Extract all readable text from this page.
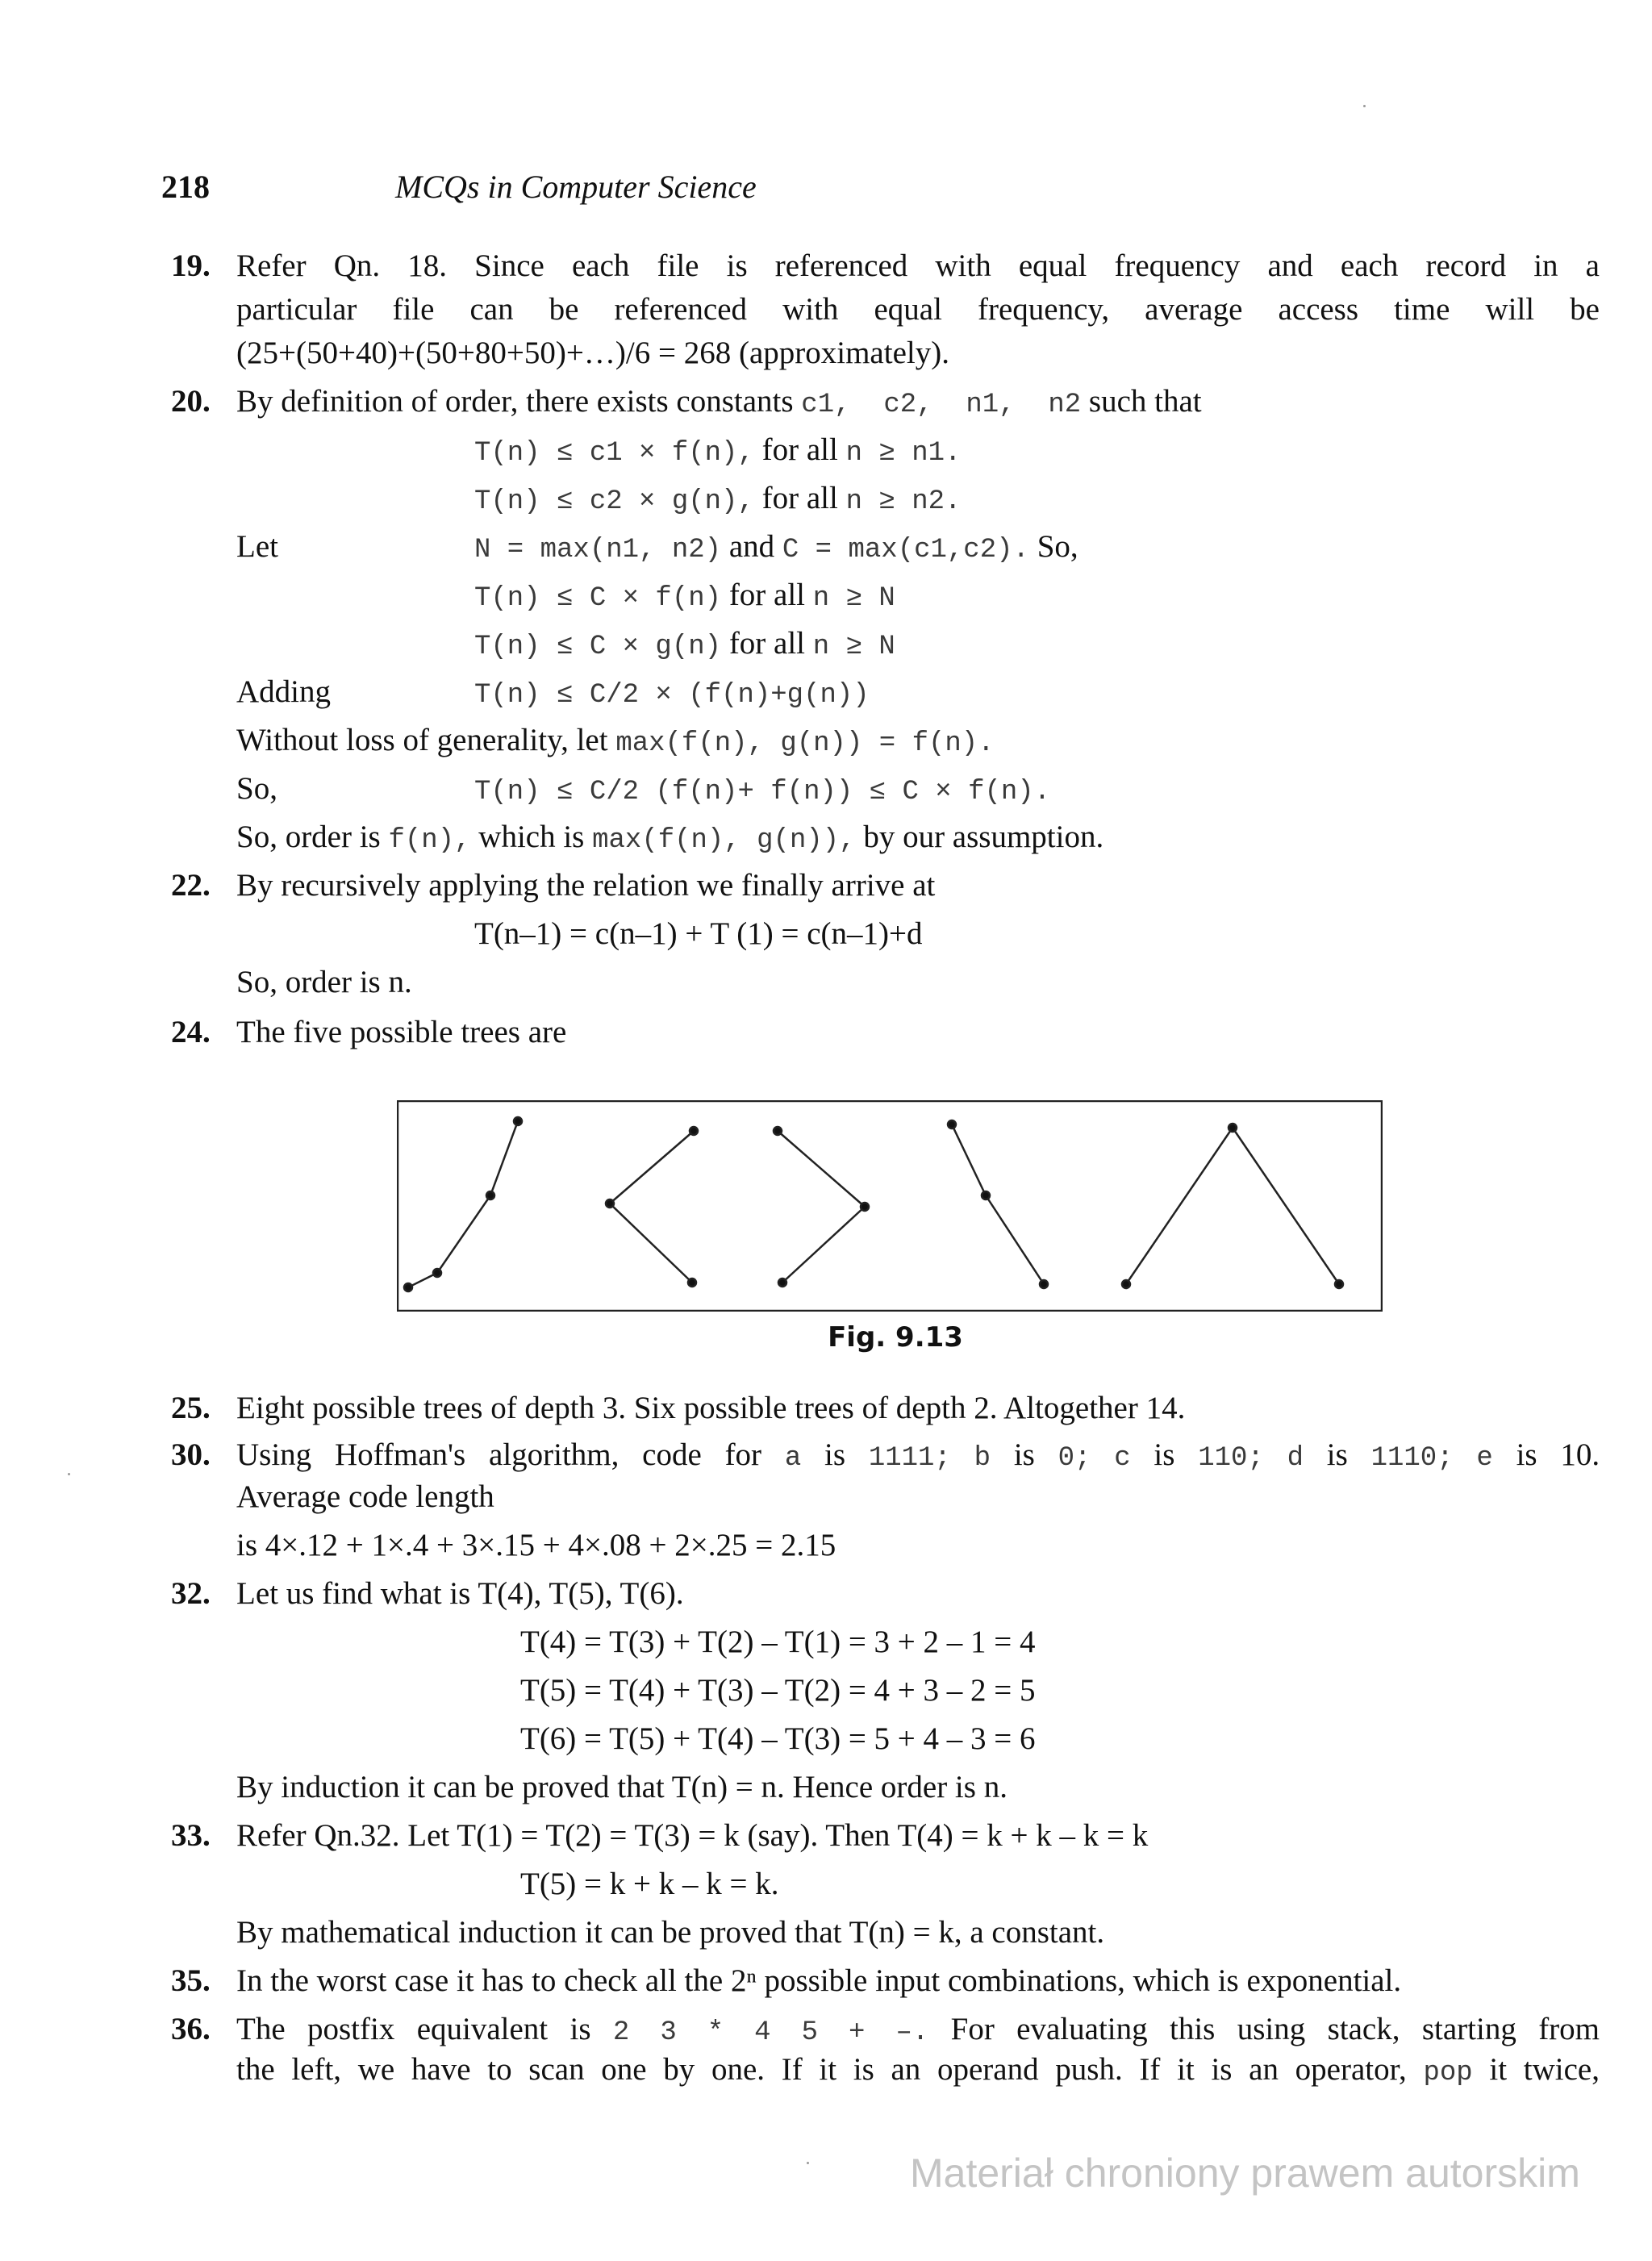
218	MCQs in Computer Science
19. Refer Qn. 18. Since each file is referenced with equal frequency and each record in a
particular file can be referenced with equal frequency, average access time will be
(25+(50+40)+(50+80+50)+…)/6 = 268 (approximately).
20. By definition of order, there exists constants c1,  c2,  n1,  n2 such that
T(n) ≤ c1 × f(n), for all n ≥ n1.
T(n) ≤ c2 × g(n), for all n ≥ n2.
Let	N = max(n1, n2) and C = max(c1,c2). So,
T(n) ≤ C × f(n) for all n ≥ N
T(n) ≤ C × g(n) for all n ≥ N
Adding	T(n) ≤ C/2 × (f(n)+g(n))
Without loss of generality, let max(f(n), g(n)) = f(n).
So,	T(n) ≤ C/2 (f(n)+ f(n)) ≤ C × f(n).
So, order is f(n), which is max(f(n), g(n)), by our assumption.
22. By recursively applying the relation we finally arrive at
T(n–1) = c(n–1) + T (1) = c(n–1)+d
So, order is n.
24. The five possible trees are
Fig. 9.13
25. Eight possible trees of depth 3. Six possible trees of depth 2. Altogether 14.
30. Using Hoffman's algorithm, code for a is 1111; b is 0; c is 110; d is 1110; e is 10.
Average code length
is 4×.12 + 1×.4 + 3×.15 + 4×.08 + 2×.25 = 2.15
32. Let us find what is T(4), T(5), T(6).
T(4) = T(3) + T(2) – T(1) = 3 + 2 – 1 = 4
T(5) = T(4) + T(3) – T(2) = 4 + 3 – 2 = 5
T(6) = T(5) + T(4) – T(3) = 5 + 4 – 3 = 6
By induction it can be proved that T(n) = n. Hence order is n.
33. Refer Qn.32. Let T(1) = T(2) = T(3) = k (say). Then T(4) = k + k – k = k
T(5) = k + k – k = k.
By mathematical induction it can be proved that T(n) = k, a constant.
35. In the worst case it has to check all the 2ⁿ possible input combinations, which is exponential.
36. The postfix equivalent is 2 3 * 4 5 + –. For evaluating this using stack, starting from
the left, we have to scan one by one. If it is an operand push. If it is an operator, pop it twice,
Materiał chroniony prawem autorskim
